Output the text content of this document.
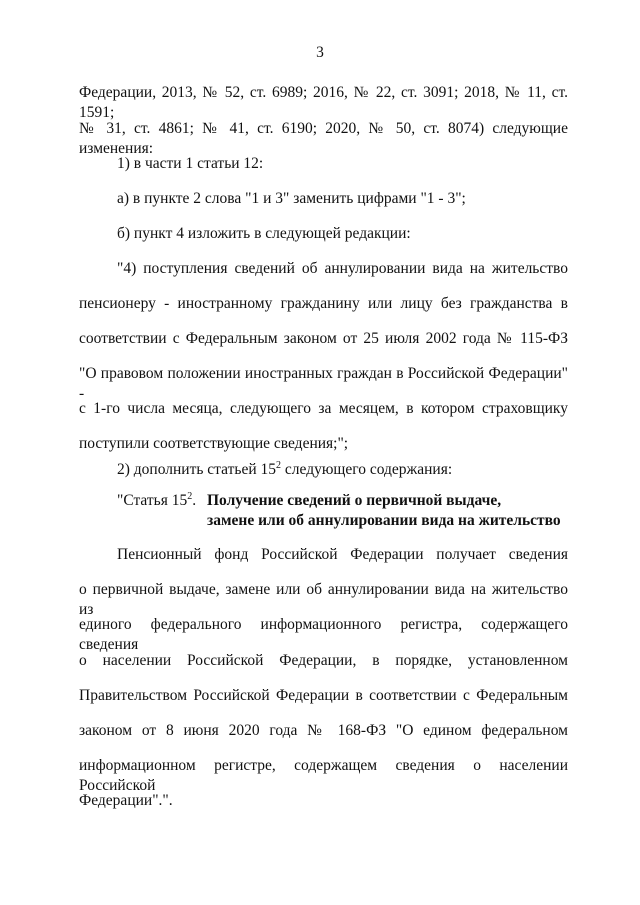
3
Федерации, 2013, № 52, ст. 6989; 2016, № 22, ст. 3091; 2018, № 11, ст. 1591;
№ 31, ст. 4861; № 41, ст. 6190; 2020, № 50, ст. 8074) следующие изменения:
1) в части 1 статьи 12:
а) в пункте 2 слова "1 и 3" заменить цифрами "1 - 3";
б) пункт 4 изложить в следующей редакции:
"4) поступления сведений об аннулировании вида на жительство
пенсионеру - иностранному гражданину или лицу без гражданства в
соответствии с Федеральным законом от 25 июля 2002 года № 115-ФЗ
"О правовом положении иностранных граждан в Российской Федерации" -
с 1-го числа месяца, следующего за месяцем, в котором страховщику
поступили соответствующие сведения;";
2) дополнить статьей $15^2$ следующего содержания:
"Статья $15^2$. Получение сведений о первичной выдаче,
замене или об аннулировании вида на жительство
Пенсионный фонд Российской Федерации получает сведения
о первичной выдаче, замене или об аннулировании вида на жительство из
единого федерального информационного регистра, содержащего сведения
о населении Российской Федерации, в порядке, установленном
Правительством Российской Федерации в соответствии с Федеральным
законом от 8 июня 2020 года № 168-ФЗ "О едином федеральном
информационном регистре, содержащем сведения о населении Российской
Федерации".".
